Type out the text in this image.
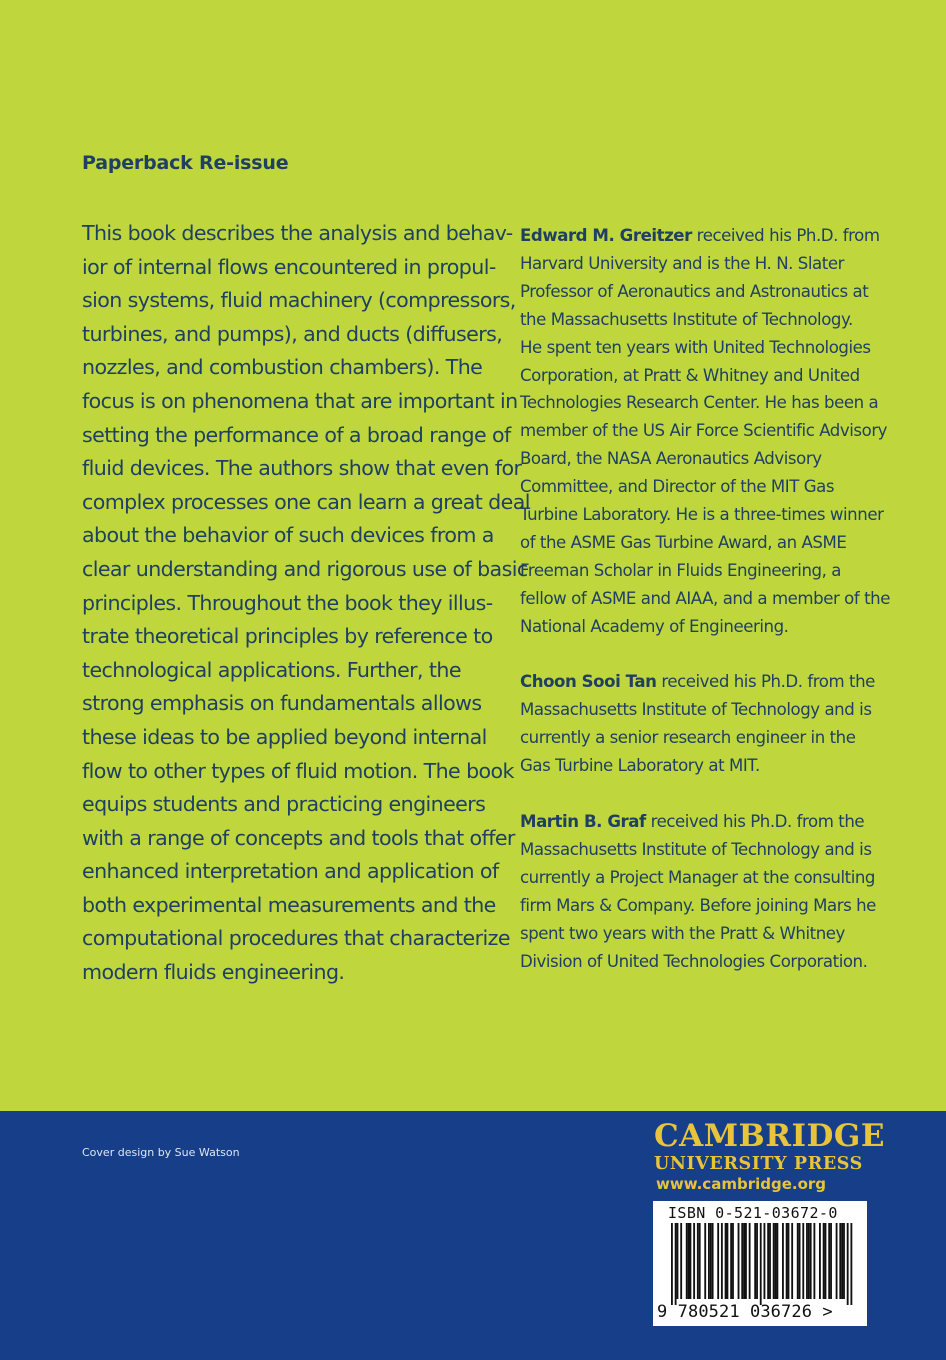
Paperback Re-issue
This book describes the analysis and behav-
ior of internal flows encountered in propul-
sion systems, fluid machinery (compressors,
turbines, and pumps), and ducts (diffusers,
nozzles, and combustion chambers). The
focus is on phenomena that are important in
setting the performance of a broad range of
fluid devices. The authors show that even for
complex processes one can learn a great deal
about the behavior of such devices from a
clear understanding and rigorous use of basic
principles. Throughout the book they illus-
trate theoretical principles by reference to
technological applications. Further, the
strong emphasis on fundamentals allows
these ideas to be applied beyond internal
flow to other types of fluid motion. The book
equips students and practicing engineers
with a range of concepts and tools that offer
enhanced interpretation and application of
both experimental measurements and the
computational procedures that characterize
modern fluids engineering.
Edward M. Greitzer received his Ph.D. from
Harvard University and is the H. N. Slater
Professor of Aeronautics and Astronautics at
the Massachusetts Institute of Technology.
He spent ten years with United Technologies
Corporation, at Pratt & Whitney and United
Technologies Research Center. He has been a
member of the US Air Force Scientific Advisory
Board, the NASA Aeronautics Advisory
Committee, and Director of the MIT Gas
Turbine Laboratory. He is a three-times winner
of the ASME Gas Turbine Award, an ASME
Freeman Scholar in Fluids Engineering, a
fellow of ASME and AIAA, and a member of the
National Academy of Engineering.
Choon Sooi Tan received his Ph.D. from the
Massachusetts Institute of Technology and is
currently a senior research engineer in the
Gas Turbine Laboratory at MIT.
Martin B. Graf received his Ph.D. from the
Massachusetts Institute of Technology and is
currently a Project Manager at the consulting
firm Mars & Company. Before joining Mars he
spent two years with the Pratt & Whitney
Division of United Technologies Corporation.
Cover design by Sue Watson	CAMBRIDGE
UNIVERSITY PRESS
www.cambridge.org
ISBN 0-521-03672-0
9 780521 036726 >
